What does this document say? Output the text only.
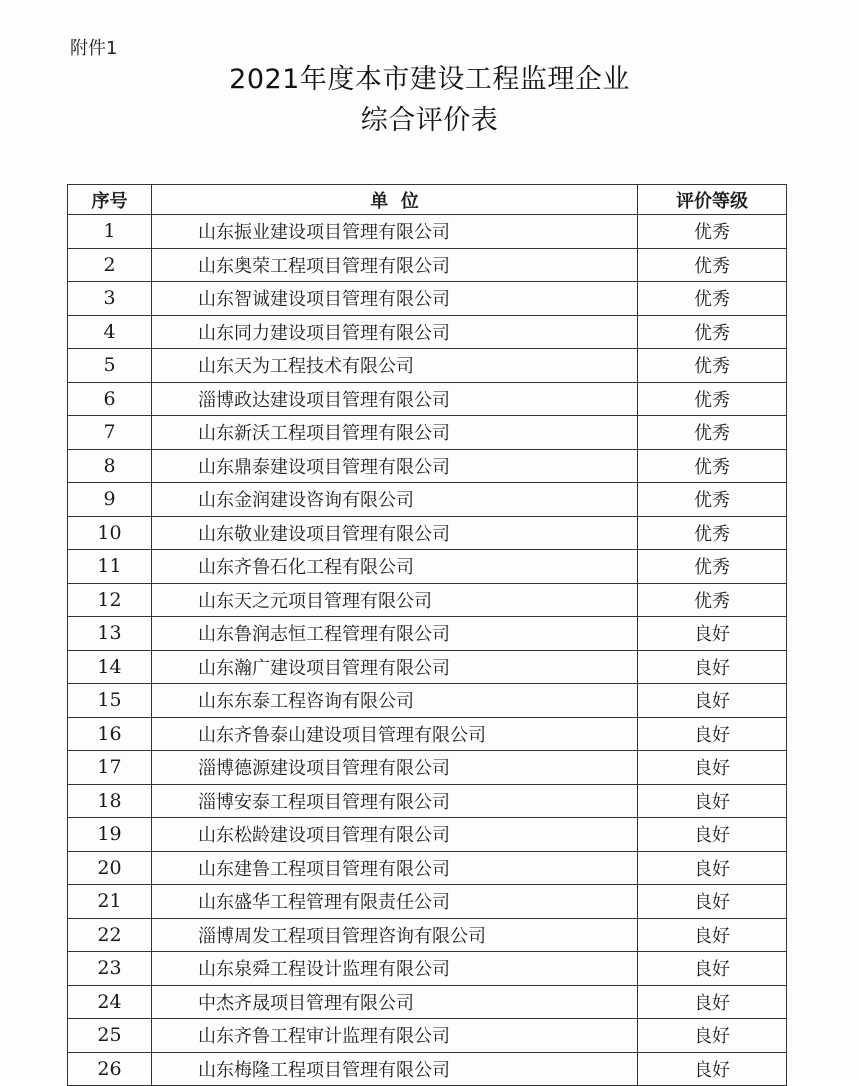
附件1
2021年度本市建设工程监理企业
综合评价表
序号	单  位	评价等级
1	山东振业建设项目管理有限公司	优秀
2	山东奥荣工程项目管理有限公司	优秀
3	山东智诚建设项目管理有限公司	优秀
4	山东同力建设项目管理有限公司	优秀
5	山东天为工程技术有限公司	优秀
6	淄博政达建设项目管理有限公司	优秀
7	山东新沃工程项目管理有限公司	优秀
8	山东鼎泰建设项目管理有限公司	优秀
9	山东金润建设咨询有限公司	优秀
10	山东敬业建设项目管理有限公司	优秀
11	山东齐鲁石化工程有限公司	优秀
12	山东天之元项目管理有限公司	优秀
13	山东鲁润志恒工程管理有限公司	良好
14	山东瀚广建设项目管理有限公司	良好
15	山东东泰工程咨询有限公司	良好
16	山东齐鲁泰山建设项目管理有限公司	良好
17	淄博德源建设项目管理有限公司	良好
18	淄博安泰工程项目管理有限公司	良好
19	山东松龄建设项目管理有限公司	良好
20	山东建鲁工程项目管理有限公司	良好
21	山东盛华工程管理有限责任公司	良好
22	淄博周发工程项目管理咨询有限公司	良好
23	山东泉舜工程设计监理有限公司	良好
24	中杰齐晟项目管理有限公司	良好
25	山东齐鲁工程审计监理有限公司	良好
26	山东梅隆工程项目管理有限公司	良好
